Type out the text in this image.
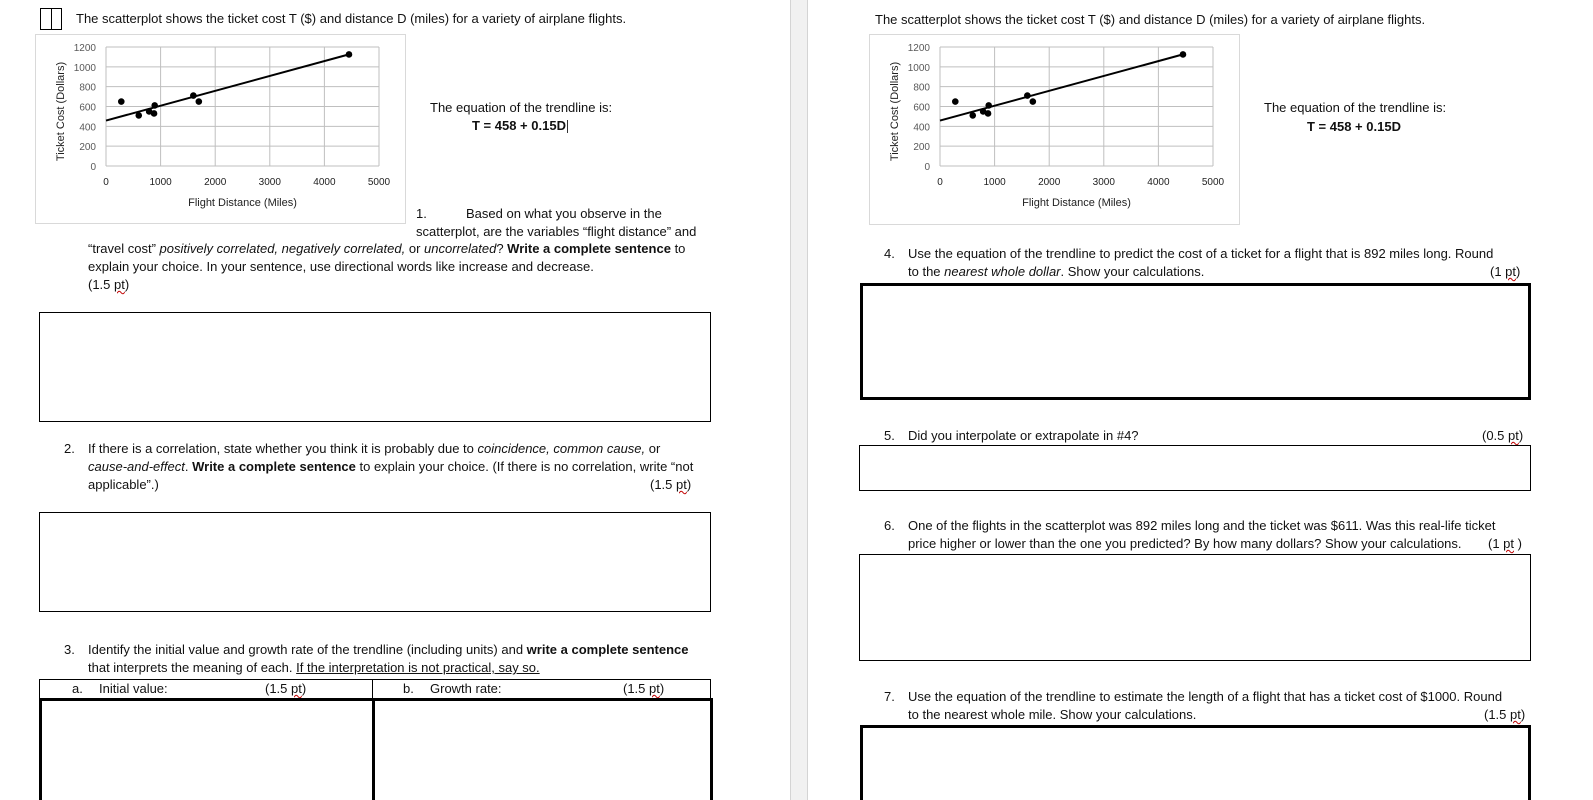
The scatterplot shows the ticket cost T ($) and distance D (miles) for a variety of airplane flights.
0
200
400
600
800
1000
1200
0	1000	2000	3000	4000	5000
Flight Distance (Miles)
Ticket Cost (Dollars)	The equation of the trendline is:
T = 458 + 0.15D
1.	Based on what you observe in the
scatterplot, are the variables “flight distance” and
“travel cost” positively correlated, negatively correlated, or uncorrelated? Write a complete sentence to
explain your choice. In your sentence, use directional words like increase and decrease.
(1.5 pt)
2. If there is a correlation, state whether you think it is probably due to coincidence, common cause, or
cause-and-effect. Write a complete sentence to explain your choice. (If there is no correlation, write “not
applicable”.)	(1.5 pt)
3. Identify the initial value and growth rate of the trendline (including units) and write a complete sentence
that interprets the meaning of each. If the interpretation is not practical, say so.
a. Initial value:	(1.5 pt)	b. Growth rate:	(1.5 pt)
The scatterplot shows the ticket cost T ($) and distance D (miles) for a variety of airplane flights.
0
200
400
600
800
1000
1200
0	1000	2000	3000	4000	5000
Flight Distance (Miles)
Ticket Cost (Dollars)	The equation of the trendline is:
T = 458 + 0.15D
4. Use the equation of the trendline to predict the cost of a ticket for a flight that is 892 miles long. Round
to the nearest whole dollar. Show your calculations.	(1 pt)
5. Did you interpolate or extrapolate in #4?	(0.5 pt)
6. One of the flights in the scatterplot was 892 miles long and the ticket was $611. Was this real-life ticket
price higher or lower than the one you predicted? By how many dollars? Show your calculations. (1 pt )
7. Use the equation of the trendline to estimate the length of a flight that has a ticket cost of $1000. Round
to the nearest whole mile. Show your calculations.	(1.5 pt)
